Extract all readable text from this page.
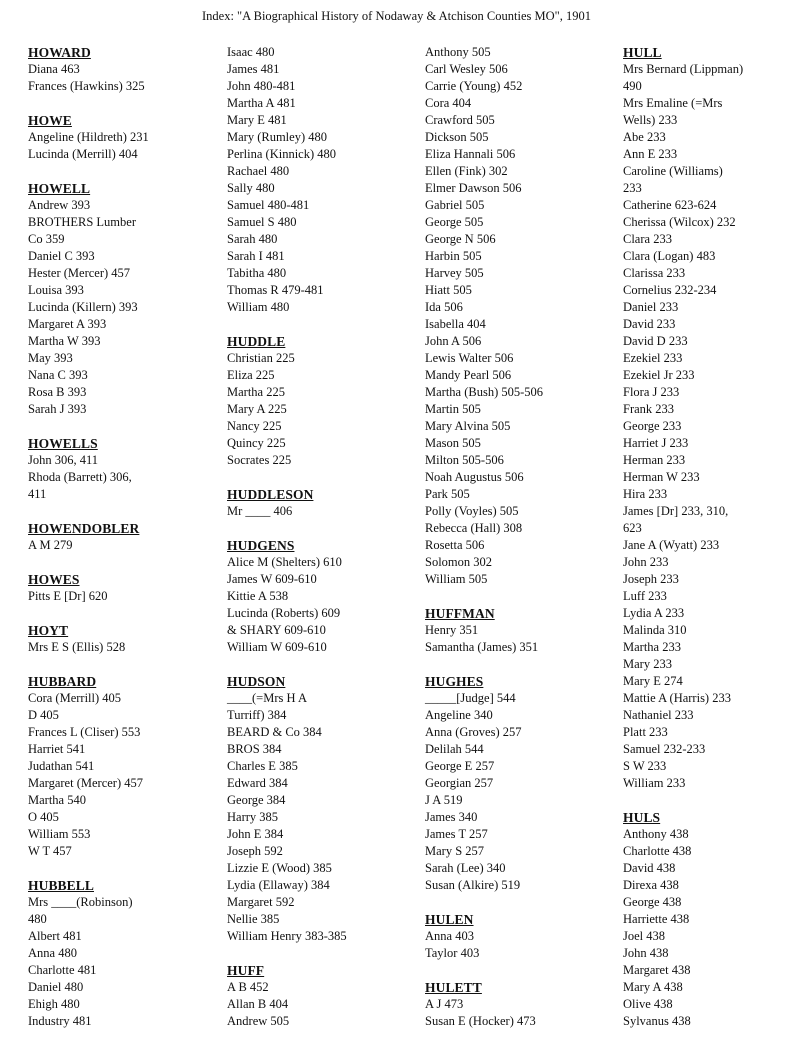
Index: "A Biographical History of Nodaway & Atchison Counties MO", 1901
HOWARD
Diana 463
Frances (Hawkins) 325
HOWE
Angeline (Hildreth) 231
Lucinda (Merrill) 404
HOWELL
Andrew 393
BROTHERS Lumber
Co 359
Daniel C 393
Hester (Mercer) 457
Louisa 393
Lucinda (Killern) 393
Margaret A 393
Martha W 393
May 393
Nana C 393
Rosa B 393
Sarah J 393
HOWELLS
John 306, 411
Rhoda (Barrett) 306,
411
HOWENDOBLER
A M 279
HOWES
Pitts E [Dr] 620
HOYT
Mrs E S (Ellis) 528
HUBBARD
Cora (Merrill) 405
D 405
Frances L (Cliser) 553
Harriet 541
Judathan 541
Margaret (Mercer) 457
Martha 540
O 405
William 553
W T 457
HUBBELL
Mrs ____(Robinson)
480
Albert 481
Anna 480
Charlotte 481
Daniel 480
Ehigh 480
Industry 481
Isaac 480
James 481
John 480-481
Martha A 481
Mary E 481
Mary (Rumley) 480
Perlina (Kinnick) 480
Rachael 480
Sally 480
Samuel 480-481
Samuel S 480
Sarah 480
Sarah I 481
Tabitha 480
Thomas R 479-481
William 480
HUDDLE
Christian 225
Eliza 225
Martha 225
Mary A 225
Nancy 225
Quincy 225
Socrates 225
HUDDLESON
Mr ____ 406
HUDGENS
Alice M (Shelters) 610
James W 609-610
Kittie A 538
Lucinda (Roberts) 609
& SHARY 609-610
William W 609-610
HUDSON
____(=Mrs H A
Turriff) 384
BEARD & Co 384
BROS 384
Charles E 385
Edward 384
George 384
Harry 385
John E 384
Joseph 592
Lizzie E (Wood) 385
Lydia (Ellaway) 384
Margaret 592
Nellie 385
William Henry 383-385
HUFF
A B 452
Allan B 404
Andrew 505
Anthony 505
Carl Wesley 506
Carrie (Young) 452
Cora 404
Crawford 505
Dickson 505
Eliza Hannali 506
Ellen (Fink) 302
Elmer Dawson 506
Gabriel 505
George 505
George N 506
Harbin 505
Harvey 505
Hiatt 505
Ida 506
Isabella 404
John A 506
Lewis Walter 506
Mandy Pearl 506
Martha (Bush) 505-506
Martin 505
Mary Alvina 505
Mason 505
Milton 505-506
Noah Augustus 506
Park 505
Polly (Voyles) 505
Rebecca (Hall) 308
Rosetta 506
Solomon 302
William 505
HUFFMAN
Henry 351
Samantha (James) 351
HUGHES
_____[Judge] 544
Angeline 340
Anna (Groves) 257
Delilah 544
George E 257
Georgian 257
J A 519
James 340
James T 257
Mary S 257
Sarah (Lee) 340
Susan (Alkire) 519
HULEN
Anna 403
Taylor 403
HULETT
A J 473
Susan E (Hocker) 473
HULL
Mrs Bernard (Lippman)
490
Mrs Emaline (=Mrs
Wells) 233
Abe 233
Ann E 233
Caroline (Williams)
233
Catherine 623-624
Cherissa (Wilcox) 232
Clara 233
Clara (Logan) 483
Clarissa 233
Cornelius 232-234
Daniel 233
David 233
David D 233
Ezekiel 233
Ezekiel Jr 233
Flora J 233
Frank 233
George 233
Harriet J 233
Herman 233
Herman W 233
Hira 233
James [Dr] 233, 310,
623
Jane A (Wyatt) 233
John 233
Joseph 233
Luff 233
Lydia A 233
Malinda 310
Martha 233
Mary 233
Mary E 274
Mattie A (Harris) 233
Nathaniel 233
Platt 233
Samuel 232-233
S W 233
William 233
HULS
Anthony 438
Charlotte 438
David 438
Direxa 438
George 438
Harriette 438
Joel 438
John 438
Margaret 438
Mary A 438
Olive 438
Sylvanus 438
